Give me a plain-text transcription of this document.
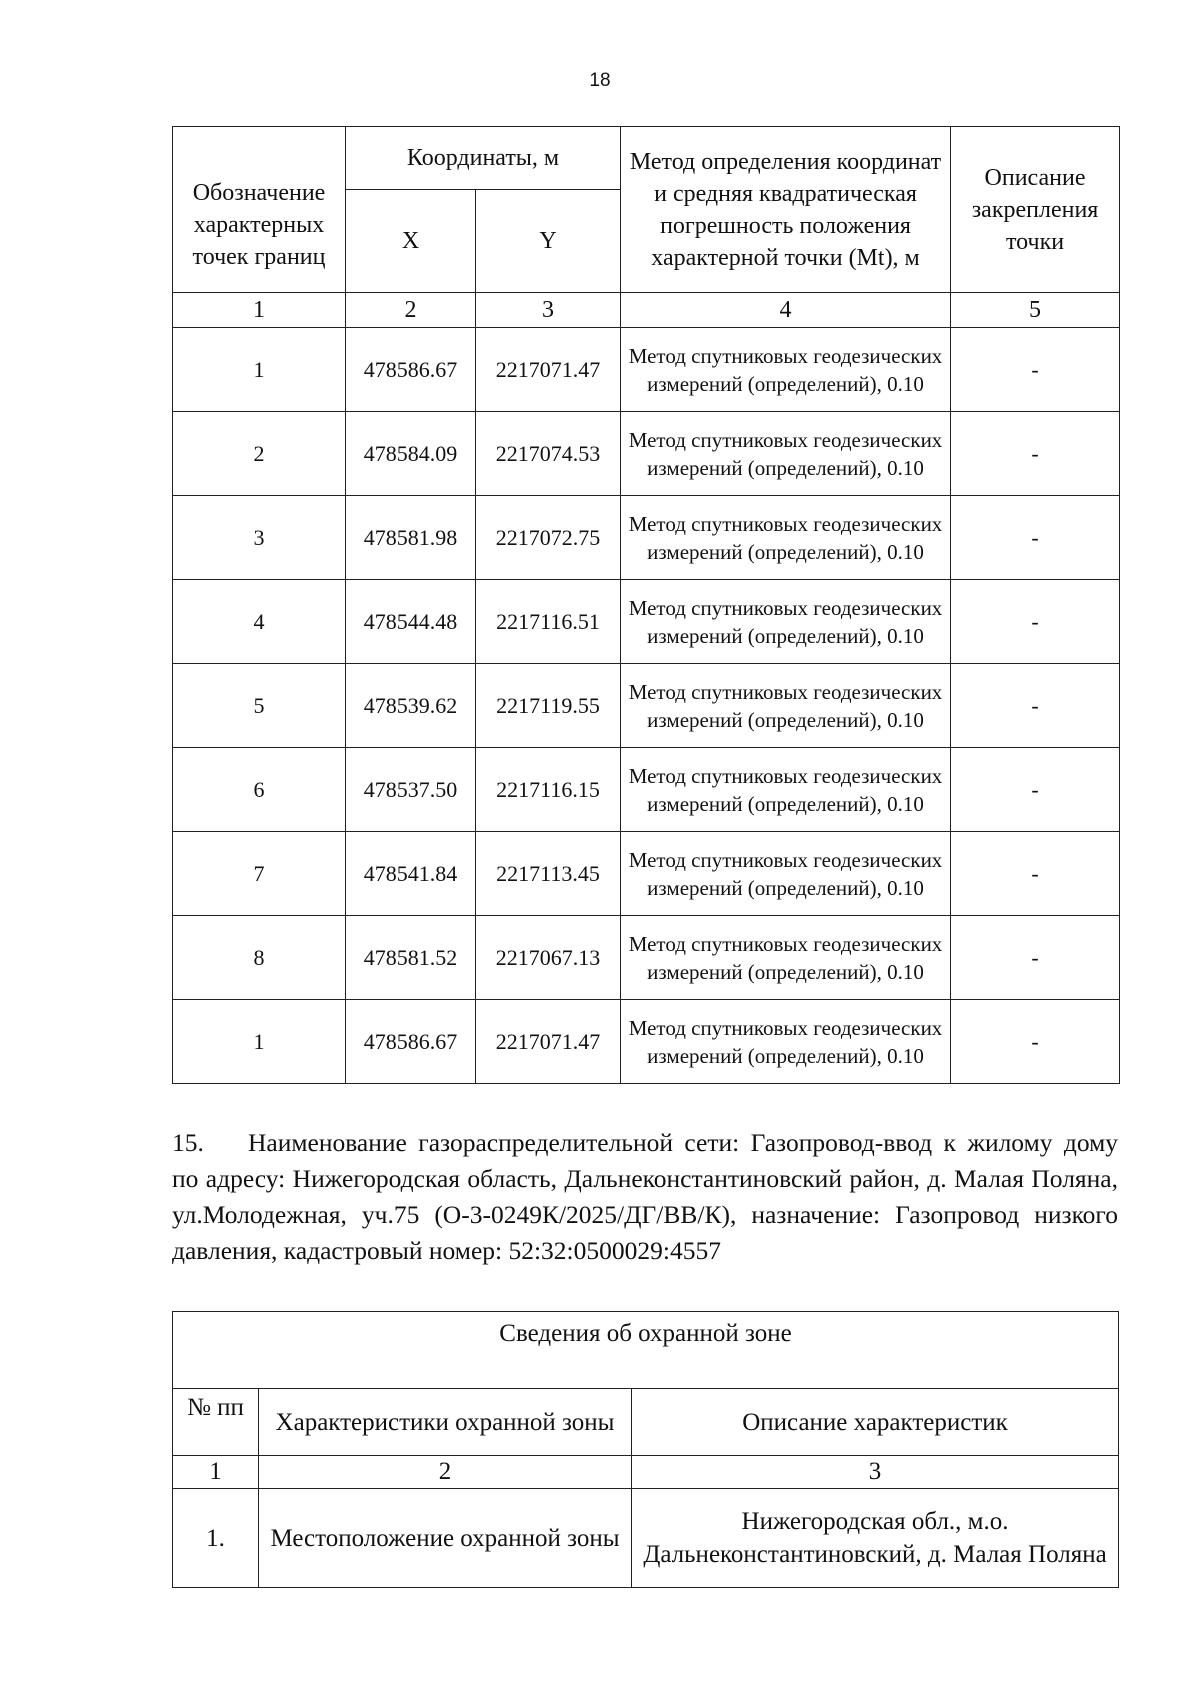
18
Обозначение характерных точек границ	Координаты, м		Метод определения координат и средняя квадратическая погрешность положения характерной точки (Mt), м	Описание закрепления точки
	X	Y		
1	2	3	4	5
1	478586.67	2217071.47	Метод спутниковых геодезических измерений (определений), 0.10	-
2	478584.09	2217074.53	Метод спутниковых геодезических измерений (определений), 0.10	-
3	478581.98	2217072.75	Метод спутниковых геодезических измерений (определений), 0.10	-
4	478544.48	2217116.51	Метод спутниковых геодезических измерений (определений), 0.10	-
5	478539.62	2217119.55	Метод спутниковых геодезических измерений (определений), 0.10	-
6	478537.50	2217116.15	Метод спутниковых геодезических измерений (определений), 0.10	-
7	478541.84	2217113.45	Метод спутниковых геодезических измерений (определений), 0.10	-
8	478581.52	2217067.13	Метод спутниковых геодезических измерений (определений), 0.10	-
1	478586.67	2217071.47	Метод спутниковых геодезических измерений (определений), 0.10	-

15. Наименование газораспределительной сети: Газопровод-ввод к жилому дому по адресу: Нижегородская область, Дальнеконстантиновский район, д. Малая Поляна, ул.Молодежная, уч.75 (О-3-0249К/2025/ДГ/ВВ/К), назначение: Газопровод низкого давления, кадастровый номер: 52:32:0500029:4557

Сведения об охранной зоне		
№ пп	Характеристики охранной зоны	Описание характеристик
1	2	3
1.	Местоположение охранной зоны	Нижегородская обл., м.о. Дальнеконстантиновский, д. Малая Поляна
